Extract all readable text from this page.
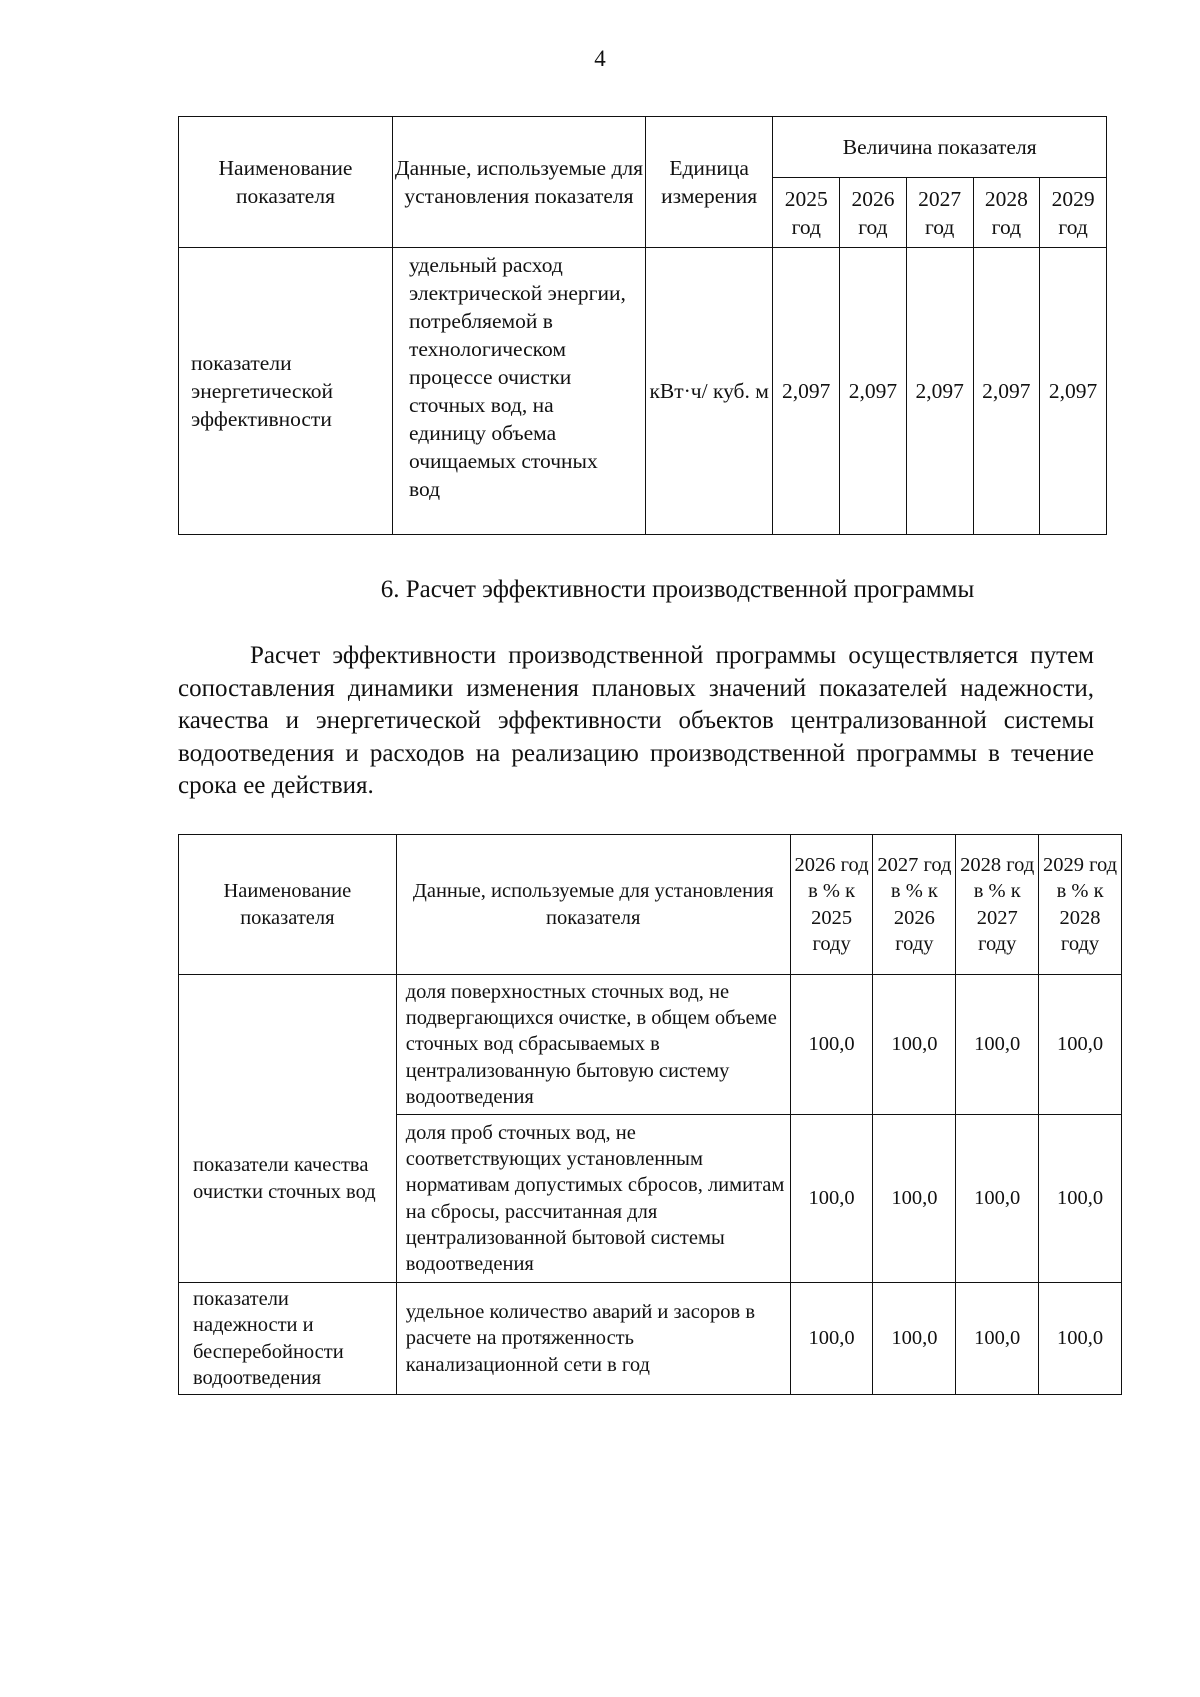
4
Наименование показателя	Данные, используемые для установления показателя	Единица измерения	Величина показателя				
			2025 год	2026 год	2027 год	2028 год	2029 год
показатели энергетической эффективности	удельный расход электрической энергии, потребляемой в технологическом процессе очистки сточных вод, на единицу объема очищаемых сточных вод	кВт·ч/ куб. м	2,097	2,097	2,097	2,097	2,097
6. Расчет эффективности производственной программы

Расчет эффективности производственной программы осуществляется путем сопоставления динамики изменения плановых значений показателей надежности, качества и энергетической эффективности объектов централизованной системы водоотведения и расходов на реализацию производственной программы в течение срока ее действия.

Наименование показателя	Данные, используемые для установления показателя	2026 год в % к 2025 году	2027 год в % к 2026 году	2028 год в % к 2027 году	2029 год в % к 2028 году
показатели качества очистки сточных вод	доля поверхностных сточных вод, не подвергающихся очистке, в общем объеме сточных вод сбрасываемых в централизованную бытовую систему водоотведения	100,0	100,0	100,0	100,0
	доля проб сточных вод, не соответствующих установленным нормативам допустимых сбросов, лимитам на сбросы, рассчитанная для централизованной бытовой системы водоотведения	100,0	100,0	100,0	100,0
показатели надежности и бесперебойности водоотведения	удельное количество аварий и засоров в расчете на протяженность канализационной сети в год	100,0	100,0	100,0	100,0
